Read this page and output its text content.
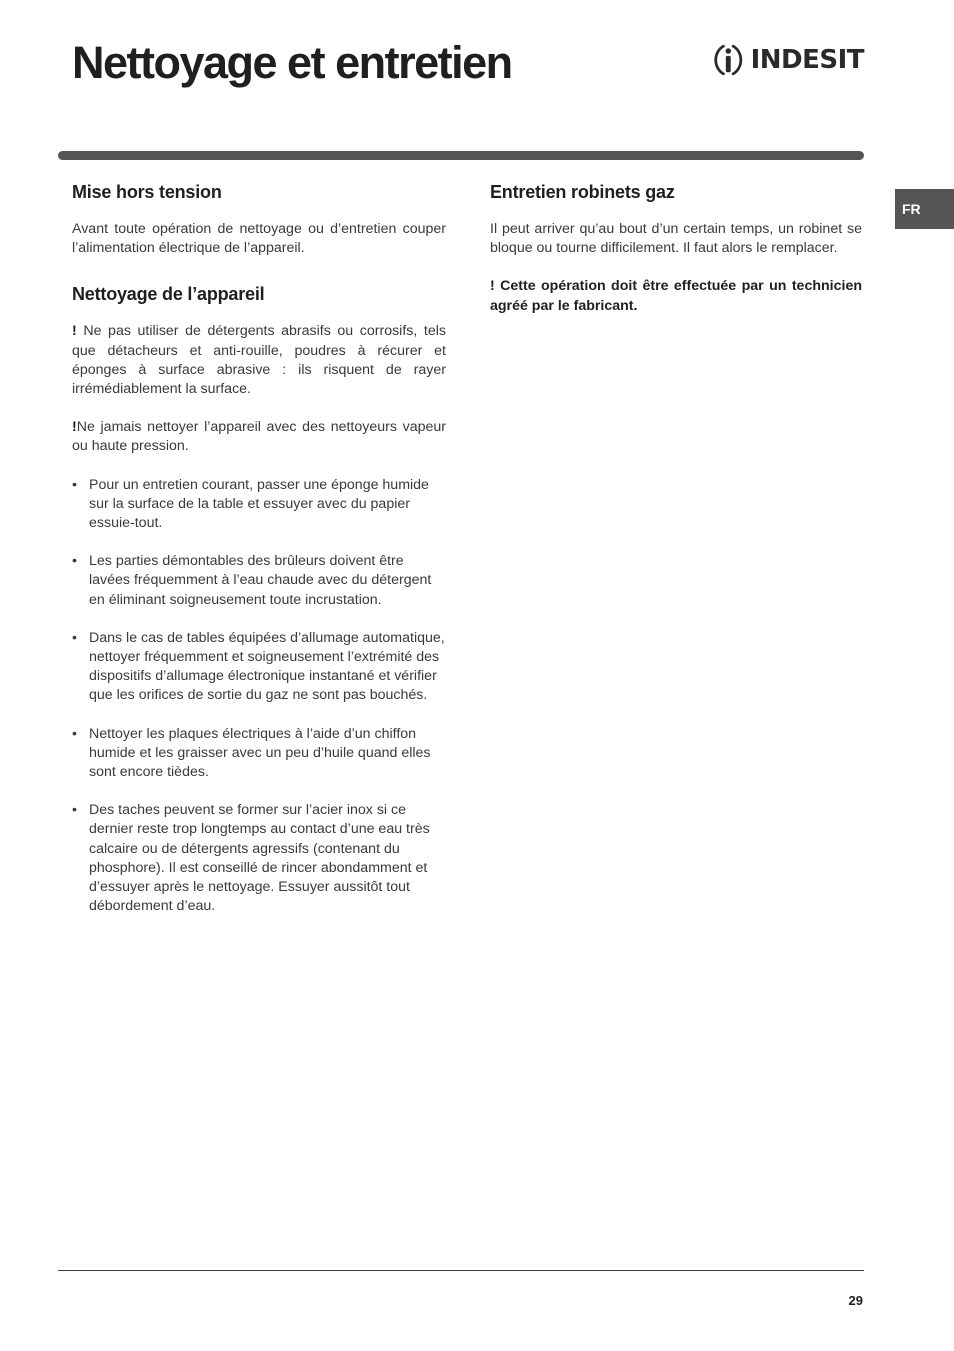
Nettoyage et entretien	INDESIT
FR
Mise hors tension

Avant toute opération de nettoyage ou d’entretien couper l’alimentation électrique de l’appareil.

Nettoyage de l’appareil

! Ne pas utiliser de détergents abrasifs ou corrosifs, tels que détacheurs et anti-rouille, poudres à récurer et éponges à surface abrasive : ils risquent de rayer irrémédiablement la surface.

!Ne jamais nettoyer l’appareil avec des nettoyeurs vapeur ou haute pression.

• Pour un entretien courant, passer une éponge humide sur la surface de la table et essuyer avec du papier essuie-tout.
• Les parties démontables des brûleurs doivent être lavées fréquemment à l’eau chaude avec du détergent en éliminant soigneusement toute incrustation.
• Dans le cas de tables équipées d’allumage automatique, nettoyer fréquemment et soigneusement l’extrémité des dispositifs d’allumage électronique instantané et vérifier que les orifices de sortie du gaz ne sont pas bouchés.
• Nettoyer les plaques électriques à l’aide d’un chiffon humide et les graisser avec un peu d’huile quand elles sont encore tièdes.
• Des taches peuvent se former sur l’acier inox si ce dernier reste trop longtemps au contact d’une eau très calcaire ou de détergents agressifs (contenant du phosphore). Il est conseillé de rincer abondamment et d’essuyer après le nettoyage. Essuyer aussitôt tout débordement d’eau.
Entretien robinets gaz

Il peut arriver qu’au bout d’un certain temps, un robinet se bloque ou tourne difficilement. Il faut alors le remplacer.

! Cette opération doit être effectuée par un technicien agréé par le fabricant.

29
